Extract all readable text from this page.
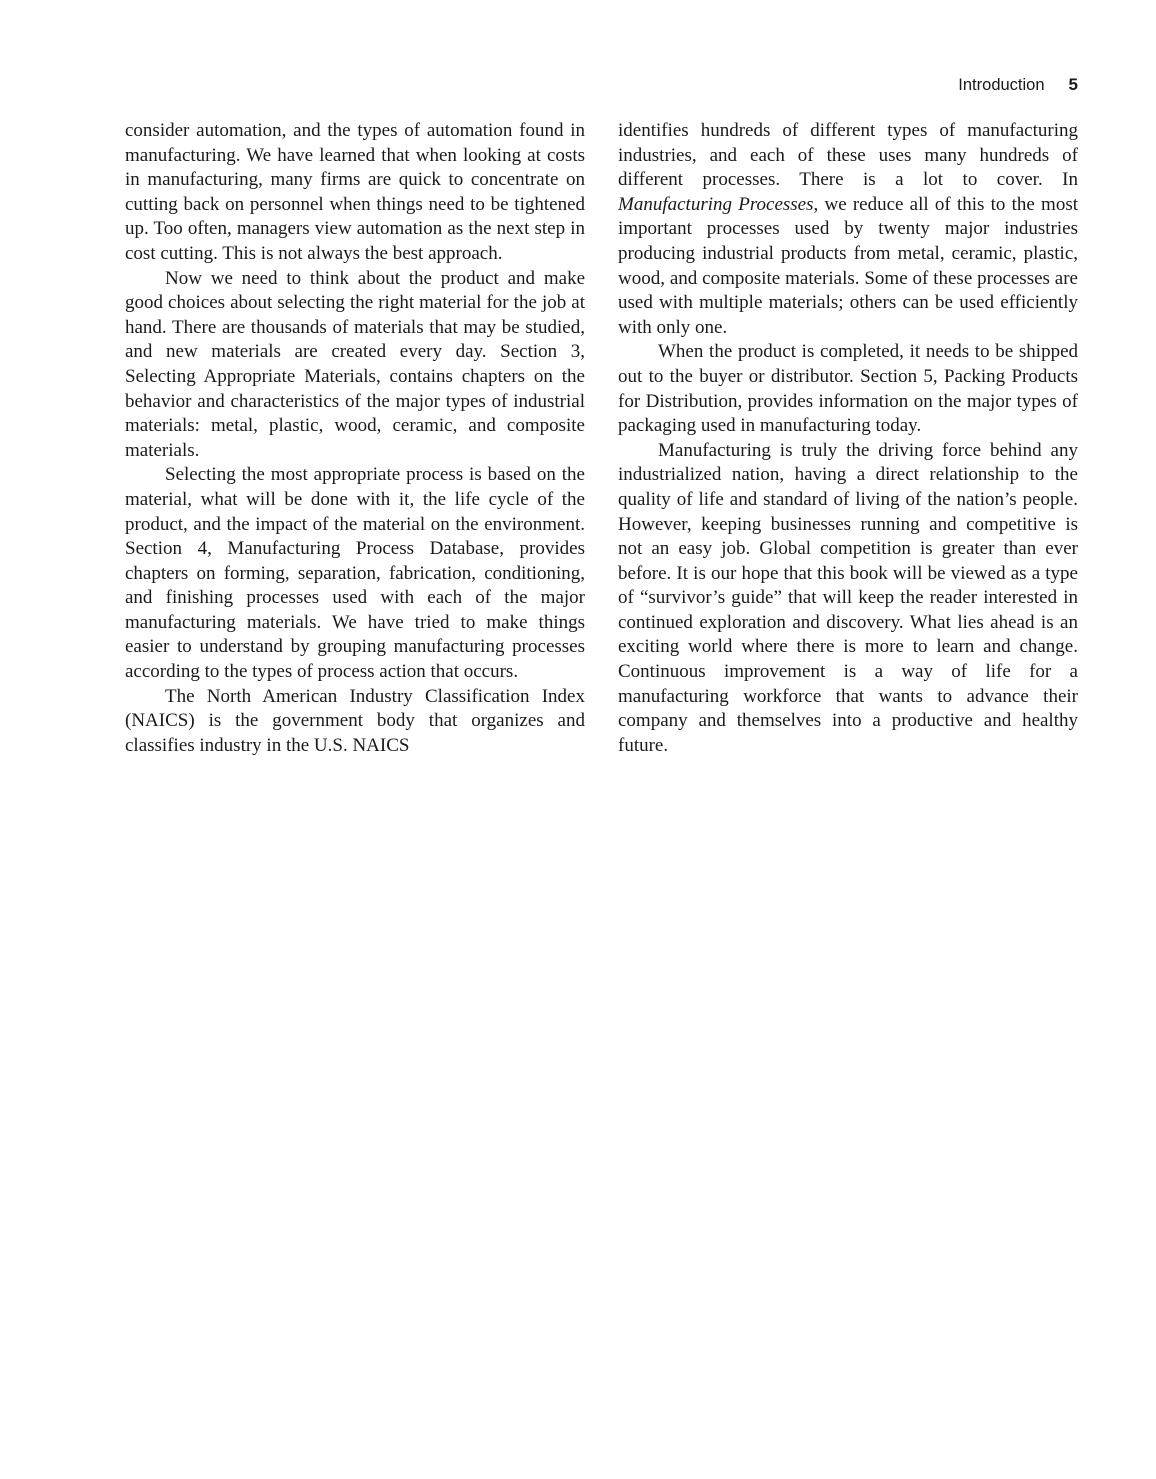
Introduction 5

consider automation, and the types of automation found in manufacturing. We have learned that when looking at costs in manufacturing, many firms are quick to concentrate on cutting back on personnel when things need to be tightened up. Too often, managers view automation as the next step in cost cutting. This is not always the best approach.

Now we need to think about the product and make good choices about selecting the right material for the job at hand. There are thousands of materials that may be studied, and new materials are created every day. Section 3, Selecting Appropriate Materials, contains chapters on the behavior and characteristics of the major types of industrial materials: metal, plastic, wood, ceramic, and composite materials.

Selecting the most appropriate process is based on the material, what will be done with it, the life cycle of the product, and the impact of the material on the environment. Section 4, Manufacturing Process Database, provides chapters on forming, separation, fabrication, conditioning, and finishing processes used with each of the major manufacturing materials. We have tried to make things easier to understand by grouping manufacturing processes according to the types of process action that occurs.

The North American Industry Classification Index (NAICS) is the government body that organizes and classifies industry in the U.S. NAICS

identifies hundreds of different types of manufacturing industries, and each of these uses many hundreds of different processes. There is a lot to cover. In Manufacturing Processes, we reduce all of this to the most important processes used by twenty major industries producing industrial products from metal, ceramic, plastic, wood, and composite materials. Some of these processes are used with multiple materials; others can be used efficiently with only one.

When the product is completed, it needs to be shipped out to the buyer or distributor. Section 5, Packing Products for Distribution, provides information on the major types of packaging used in manufacturing today.

Manufacturing is truly the driving force behind any industrialized nation, having a direct relationship to the quality of life and standard of living of the nation’s people. However, keeping businesses running and competitive is not an easy job. Global competition is greater than ever before. It is our hope that this book will be viewed as a type of “survivor’s guide” that will keep the reader interested in continued exploration and discovery. What lies ahead is an exciting world where there is more to learn and change. Continuous improvement is a way of life for a manufacturing workforce that wants to advance their company and themselves into a productive and healthy future.
